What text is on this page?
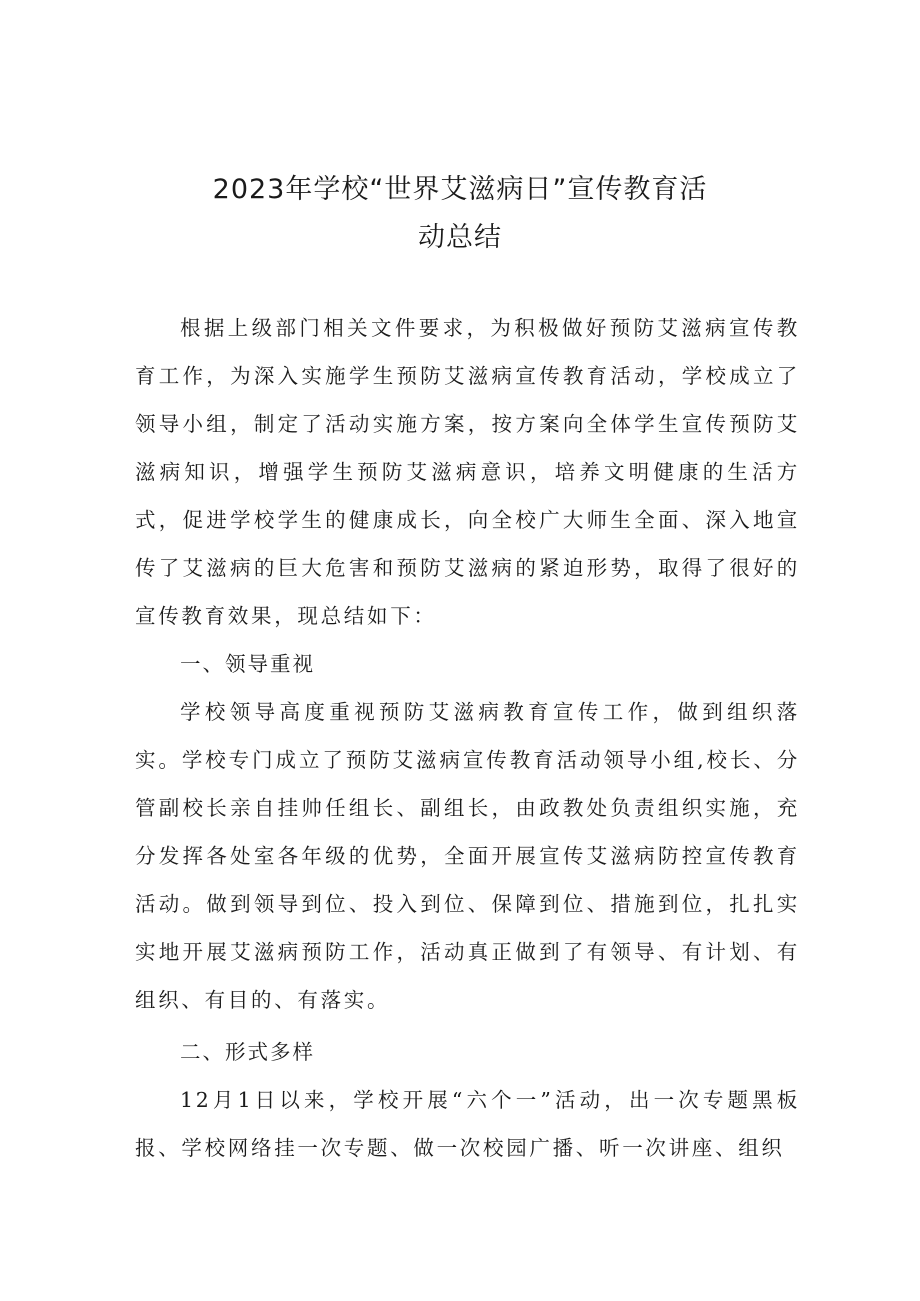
2023年学校“世界艾滋病日”宣传教育活
动总结

根据上级部门相关文件要求，为积极做好预防艾滋病宣传教育工作，为深入实施学生预防艾滋病宣传教育活动，学校成立了领导小组，制定了活动实施方案，按方案向全体学生宣传预防艾滋病知识，增强学生预防艾滋病意识，培养文明健康的生活方式，促进学校学生的健康成长，向全校广大师生全面、深入地宣传了艾滋病的巨大危害和预防艾滋病的紧迫形势，取得了很好的宣传教育效果，现总结如下：

一、领导重视

学校领导高度重视预防艾滋病教育宣传工作，做到组织落实。学校专门成立了预防艾滋病宣传教育活动领导小组,校长、分管副校长亲自挂帅任组长、副组长，由政教处负责组织实施，充分发挥各处室各年级的优势，全面开展宣传艾滋病防控宣传教育活动。做到领导到位、投入到位、保障到位、措施到位，扎扎实实地开展艾滋病预防工作，活动真正做到了有领导、有计划、有组织、有目的、有落实。

二、形式多样

12月1日以来，学校开展“六个一”活动，出一次专题黑板报、学校网络挂一次专题、做一次校园广播、听一次讲座、组织
